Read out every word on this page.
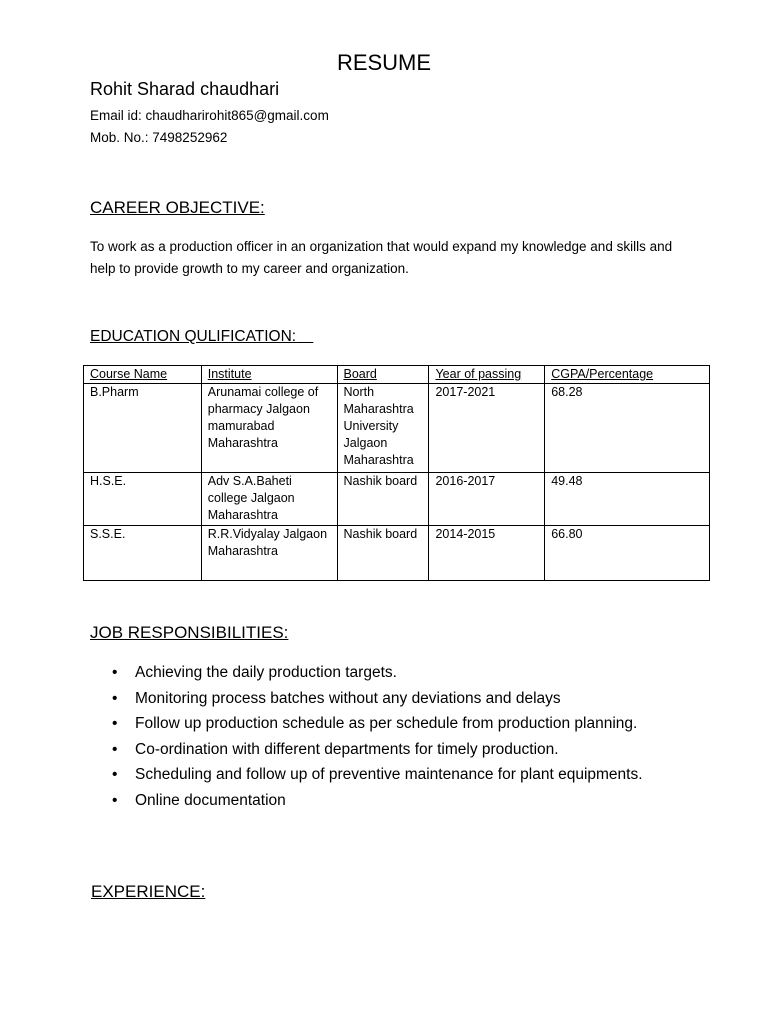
RESUME
Rohit Sharad chaudhari
Email id: chaudharirohit865@gmail.com
Mob. No.: 7498252962
CAREER OBJECTIVE:
To work as a production officer in an organization that would expand my knowledge and skills and help to provide growth to my career and organization.
EDUCATION QULIFICATION:
Course Name	Institute	Board	Year of passing	CGPA/Percentage
B.Pharm	Arunamai college of pharmacy Jalgaon mamurabad Maharashtra	North Maharashtra University Jalgaon Maharashtra	2017-2021	68.28
H.S.E.	Adv S.A.Baheti college Jalgaon Maharashtra	Nashik board	2016-2017	49.48
S.S.E.	R.R.Vidyalay Jalgaon Maharashtra	Nashik board	2014-2015	66.80
JOB RESPONSIBILITIES:
• Achieving the daily production targets.
• Monitoring process batches without any deviations and delays
• Follow up production schedule as per schedule from production planning.
• Co-ordination with different departments for timely production.
• Scheduling and follow up of preventive maintenance for plant equipments.
• Online documentation
EXPERIENCE:
